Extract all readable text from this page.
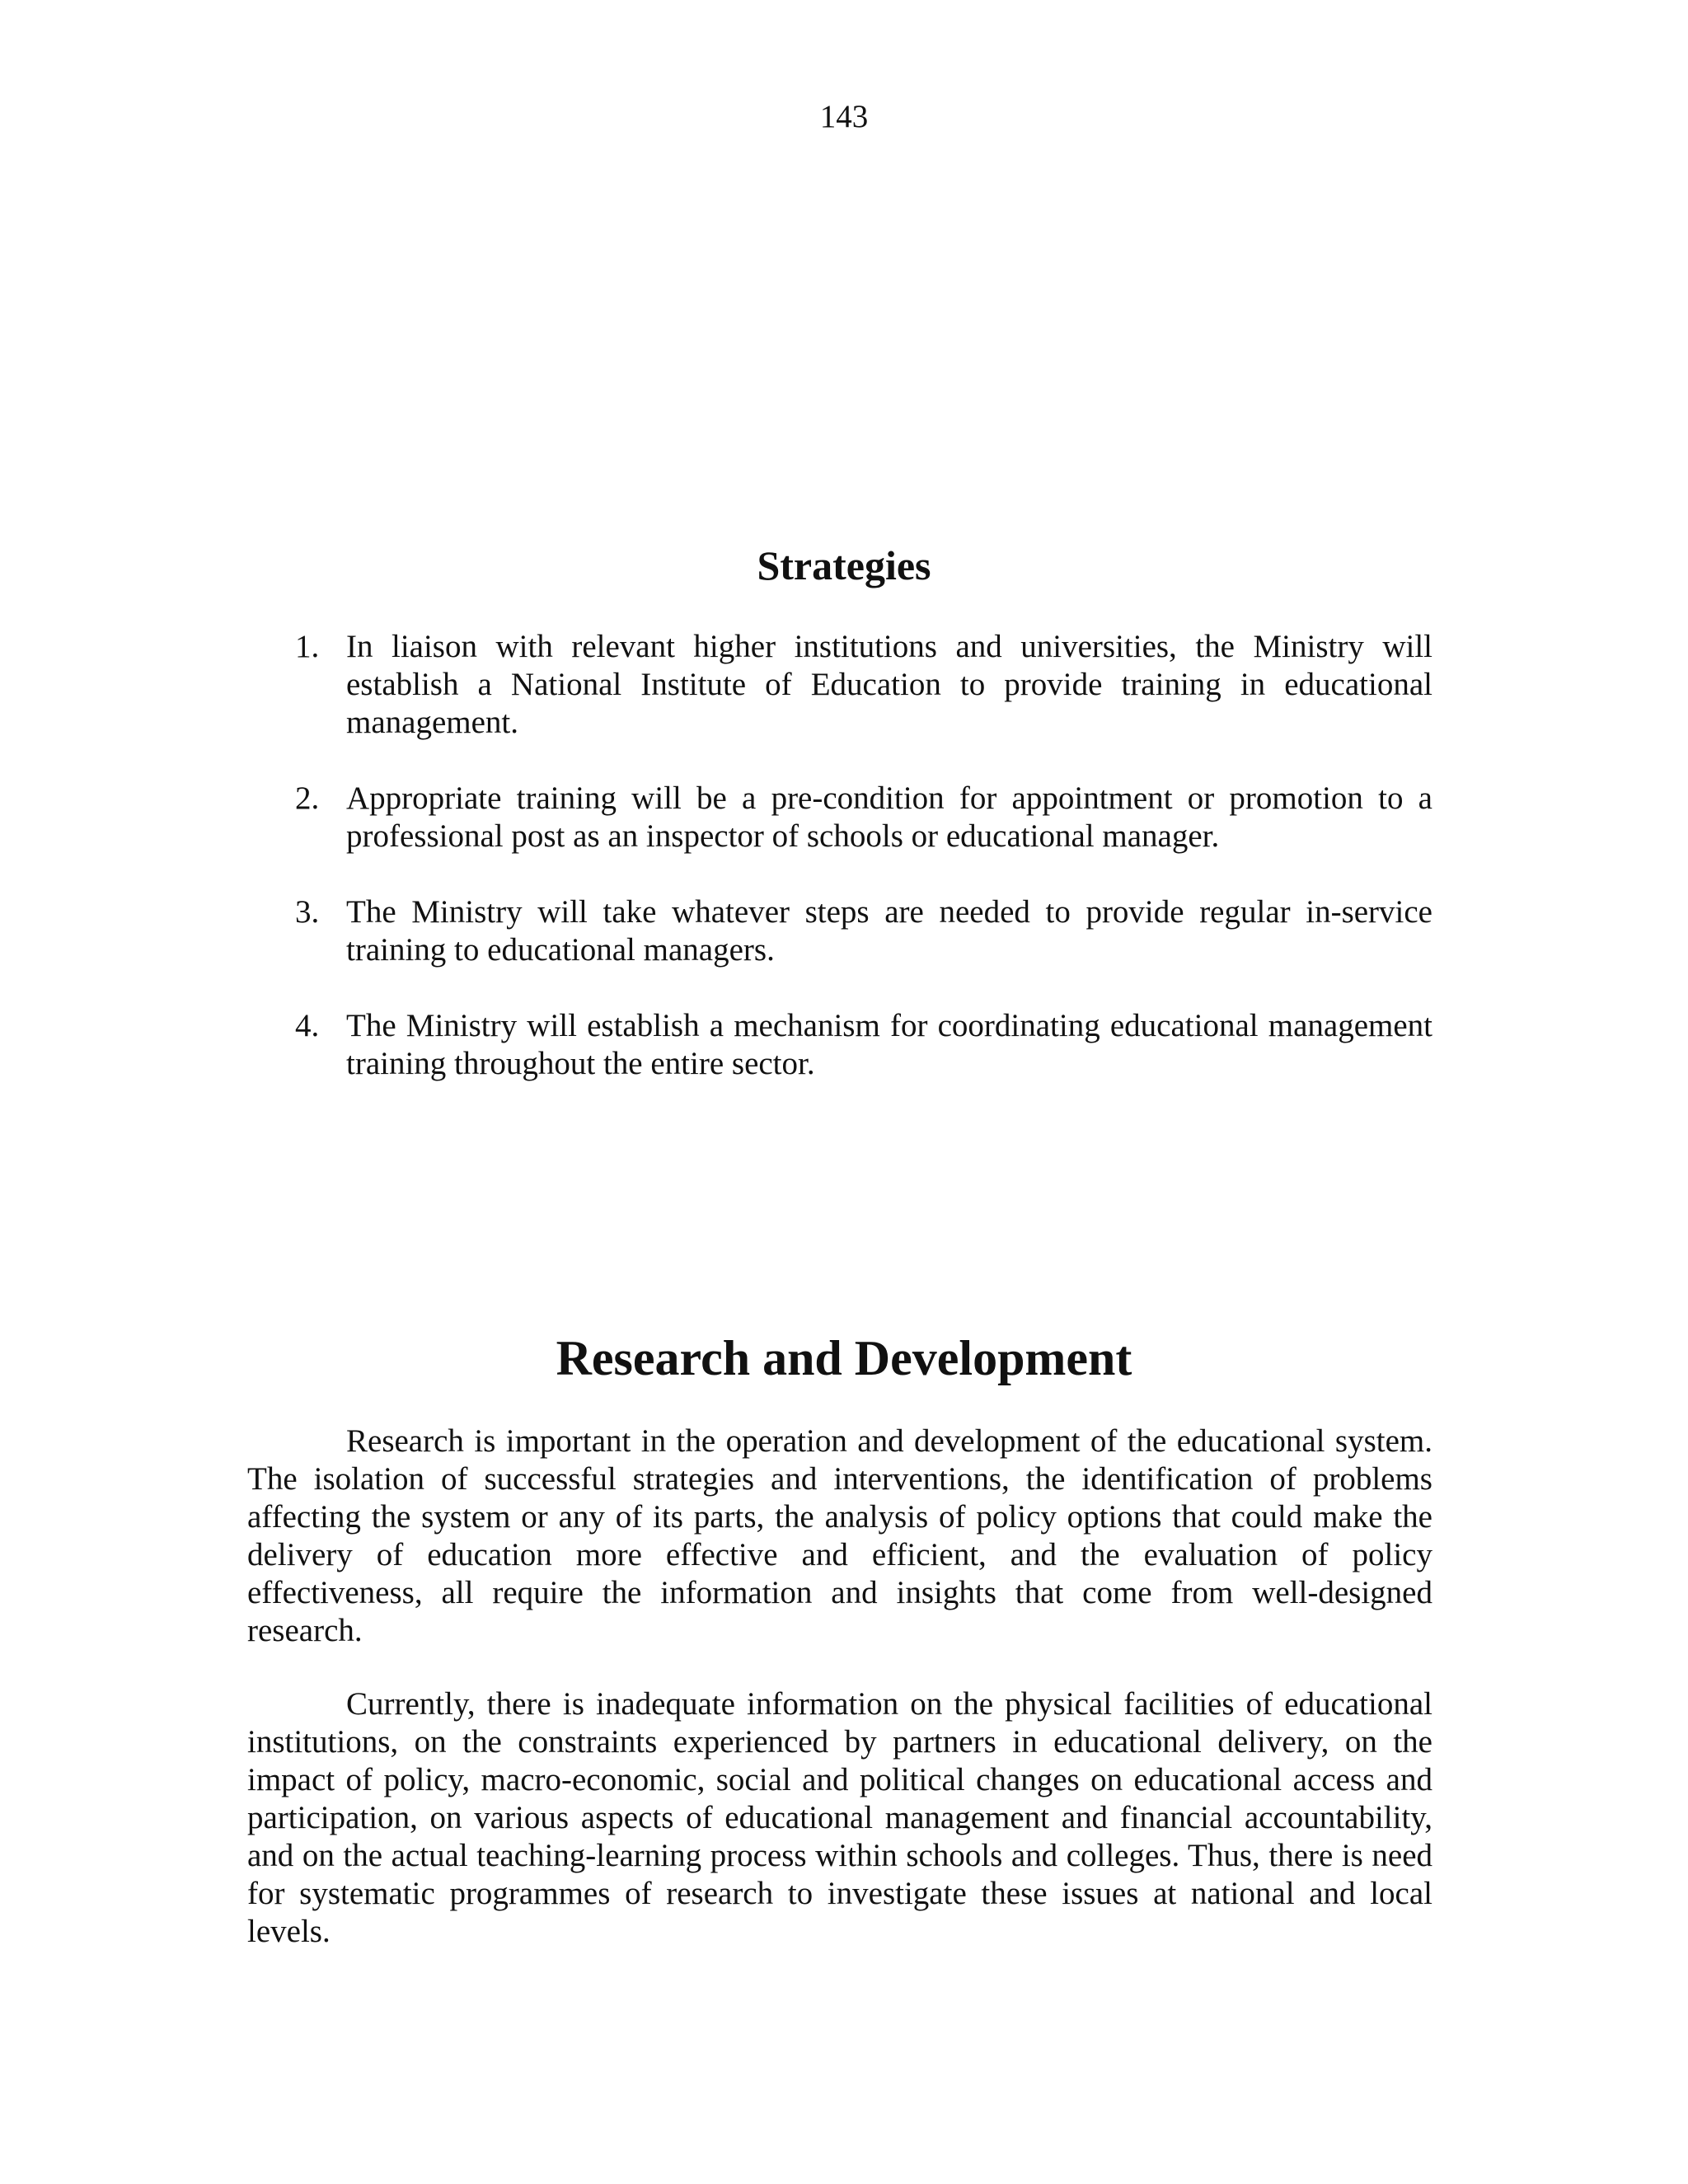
143
Strategies
1. In liaison with relevant higher institutions and universities, the Ministry will establish a National Institute of Education to provide training in educational management.
2. Appropriate training will be a pre-condition for appointment or promotion to a professional post as an inspector of schools or educational manager.
3. The Ministry will take whatever steps are needed to provide regular in-service training to educational managers.
4. The Ministry will establish a mechanism for coordinating educational management training throughout the entire sector.
Research and Development

Research is important in the operation and development of the educational system. The isolation of successful strategies and interventions, the identification of problems affecting the system or any of its parts, the analysis of policy options that could make the delivery of education more effective and efficient, and the evaluation of policy effectiveness, all require the information and insights that come from well-designed research.

Currently, there is inadequate information on the physical facilities of educational institutions, on the constraints experienced by partners in educational delivery, on the impact of policy, macro-economic, social and political changes on educational access and participation, on various aspects of educational management and financial accountability, and on the actual teaching-learning process within schools and colleges. Thus, there is need for systematic programmes of research to investigate these issues at national and local levels.
